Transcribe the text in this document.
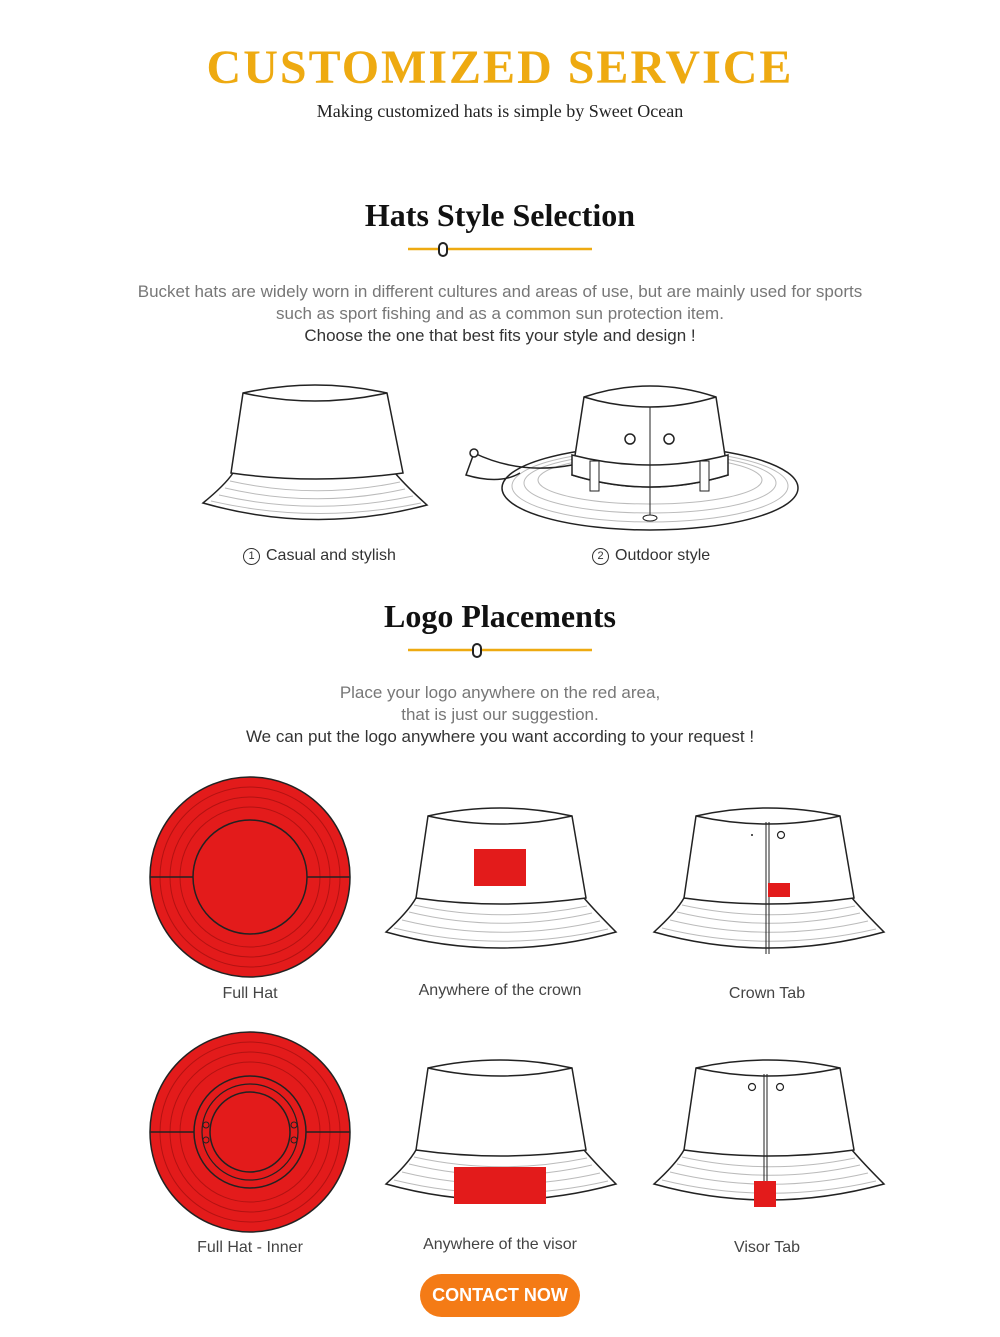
CUSTOMIZED SERVICE
Making customized hats is simple by Sweet Ocean
Hats Style Selection
Bucket hats are widely worn in different cultures and areas of use, but are mainly used for sports
such as sport fishing and as a common sun protection item.
Choose the one that best fits your style and design !
1 Casual and stylish	2 Outdoor style
Logo Placements
Place your logo anywhere on the red area,
that is just our suggestion.
We can put the logo anywhere you want according to your request !
Full Hat	Anywhere of the crown	Crown Tab
Full Hat - Inner	Anywhere of the visor	Visor Tab
CONTACT NOW
